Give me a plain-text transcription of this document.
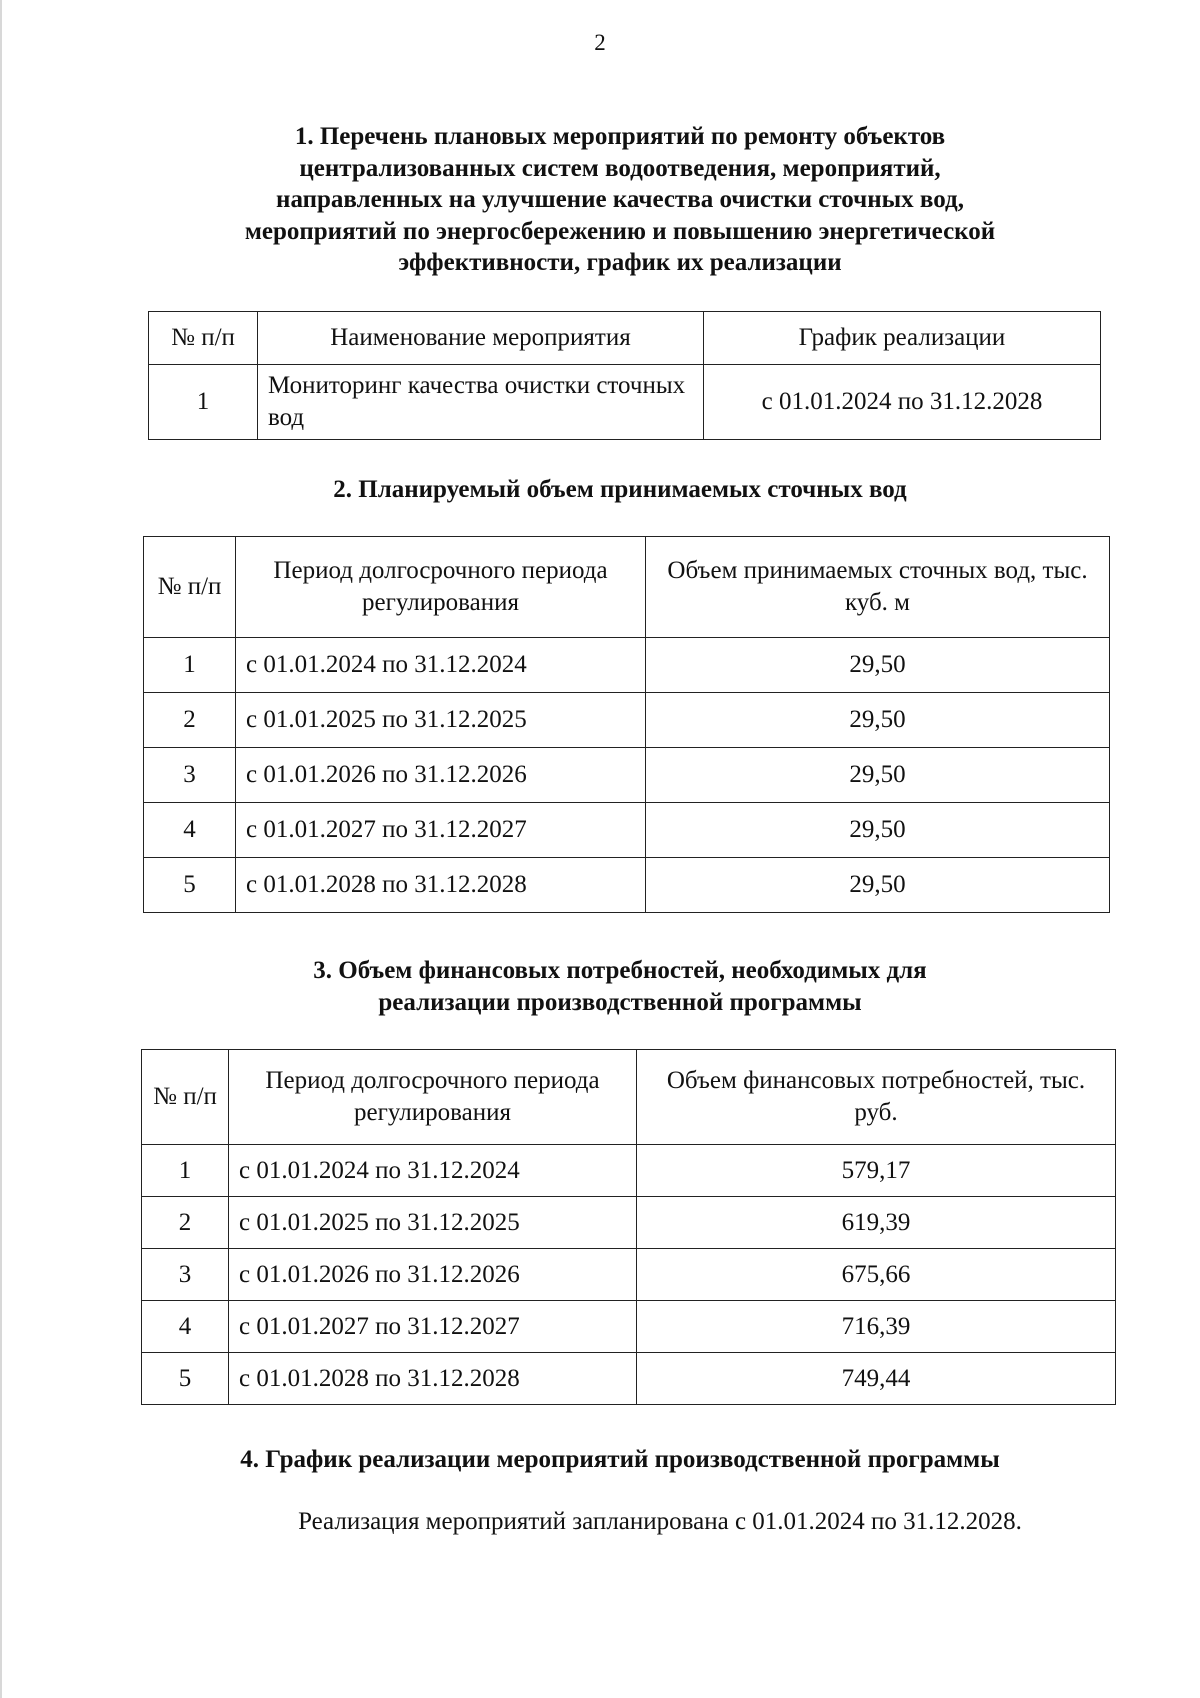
2
1. Перечень плановых мероприятий по ремонту объектов
централизованных систем водоотведения, мероприятий,
направленных на улучшение качества очистки сточных вод,
мероприятий по энергосбережению и повышению энергетической
эффективности, график их реализации
№ п/п	Наименование мероприятия	График реализации
1	Мониторинг качества очистки сточных вод	с 01.01.2024 по 31.12.2028
2. Планируемый объем принимаемых сточных вод
№ п/п	Период долгосрочного периода регулирования	Объем принимаемых сточных вод, тыс. куб. м
1	с 01.01.2024 по 31.12.2024	29,50
2	с 01.01.2025 по 31.12.2025	29,50
3	с 01.01.2026 по 31.12.2026	29,50
4	с 01.01.2027 по 31.12.2027	29,50
5	с 01.01.2028 по 31.12.2028	29,50
3. Объем финансовых потребностей, необходимых для
реализации производственной программы
№ п/п	Период долгосрочного периода регулирования	Объем финансовых потребностей, тыс. руб.
1	с 01.01.2024 по 31.12.2024	579,17
2	с 01.01.2025 по 31.12.2025	619,39
3	с 01.01.2026 по 31.12.2026	675,66
4	с 01.01.2027 по 31.12.2027	716,39
5	с 01.01.2028 по 31.12.2028	749,44
4. График реализации мероприятий производственной программы
Реализация мероприятий запланирована с 01.01.2024 по 31.12.2028.
